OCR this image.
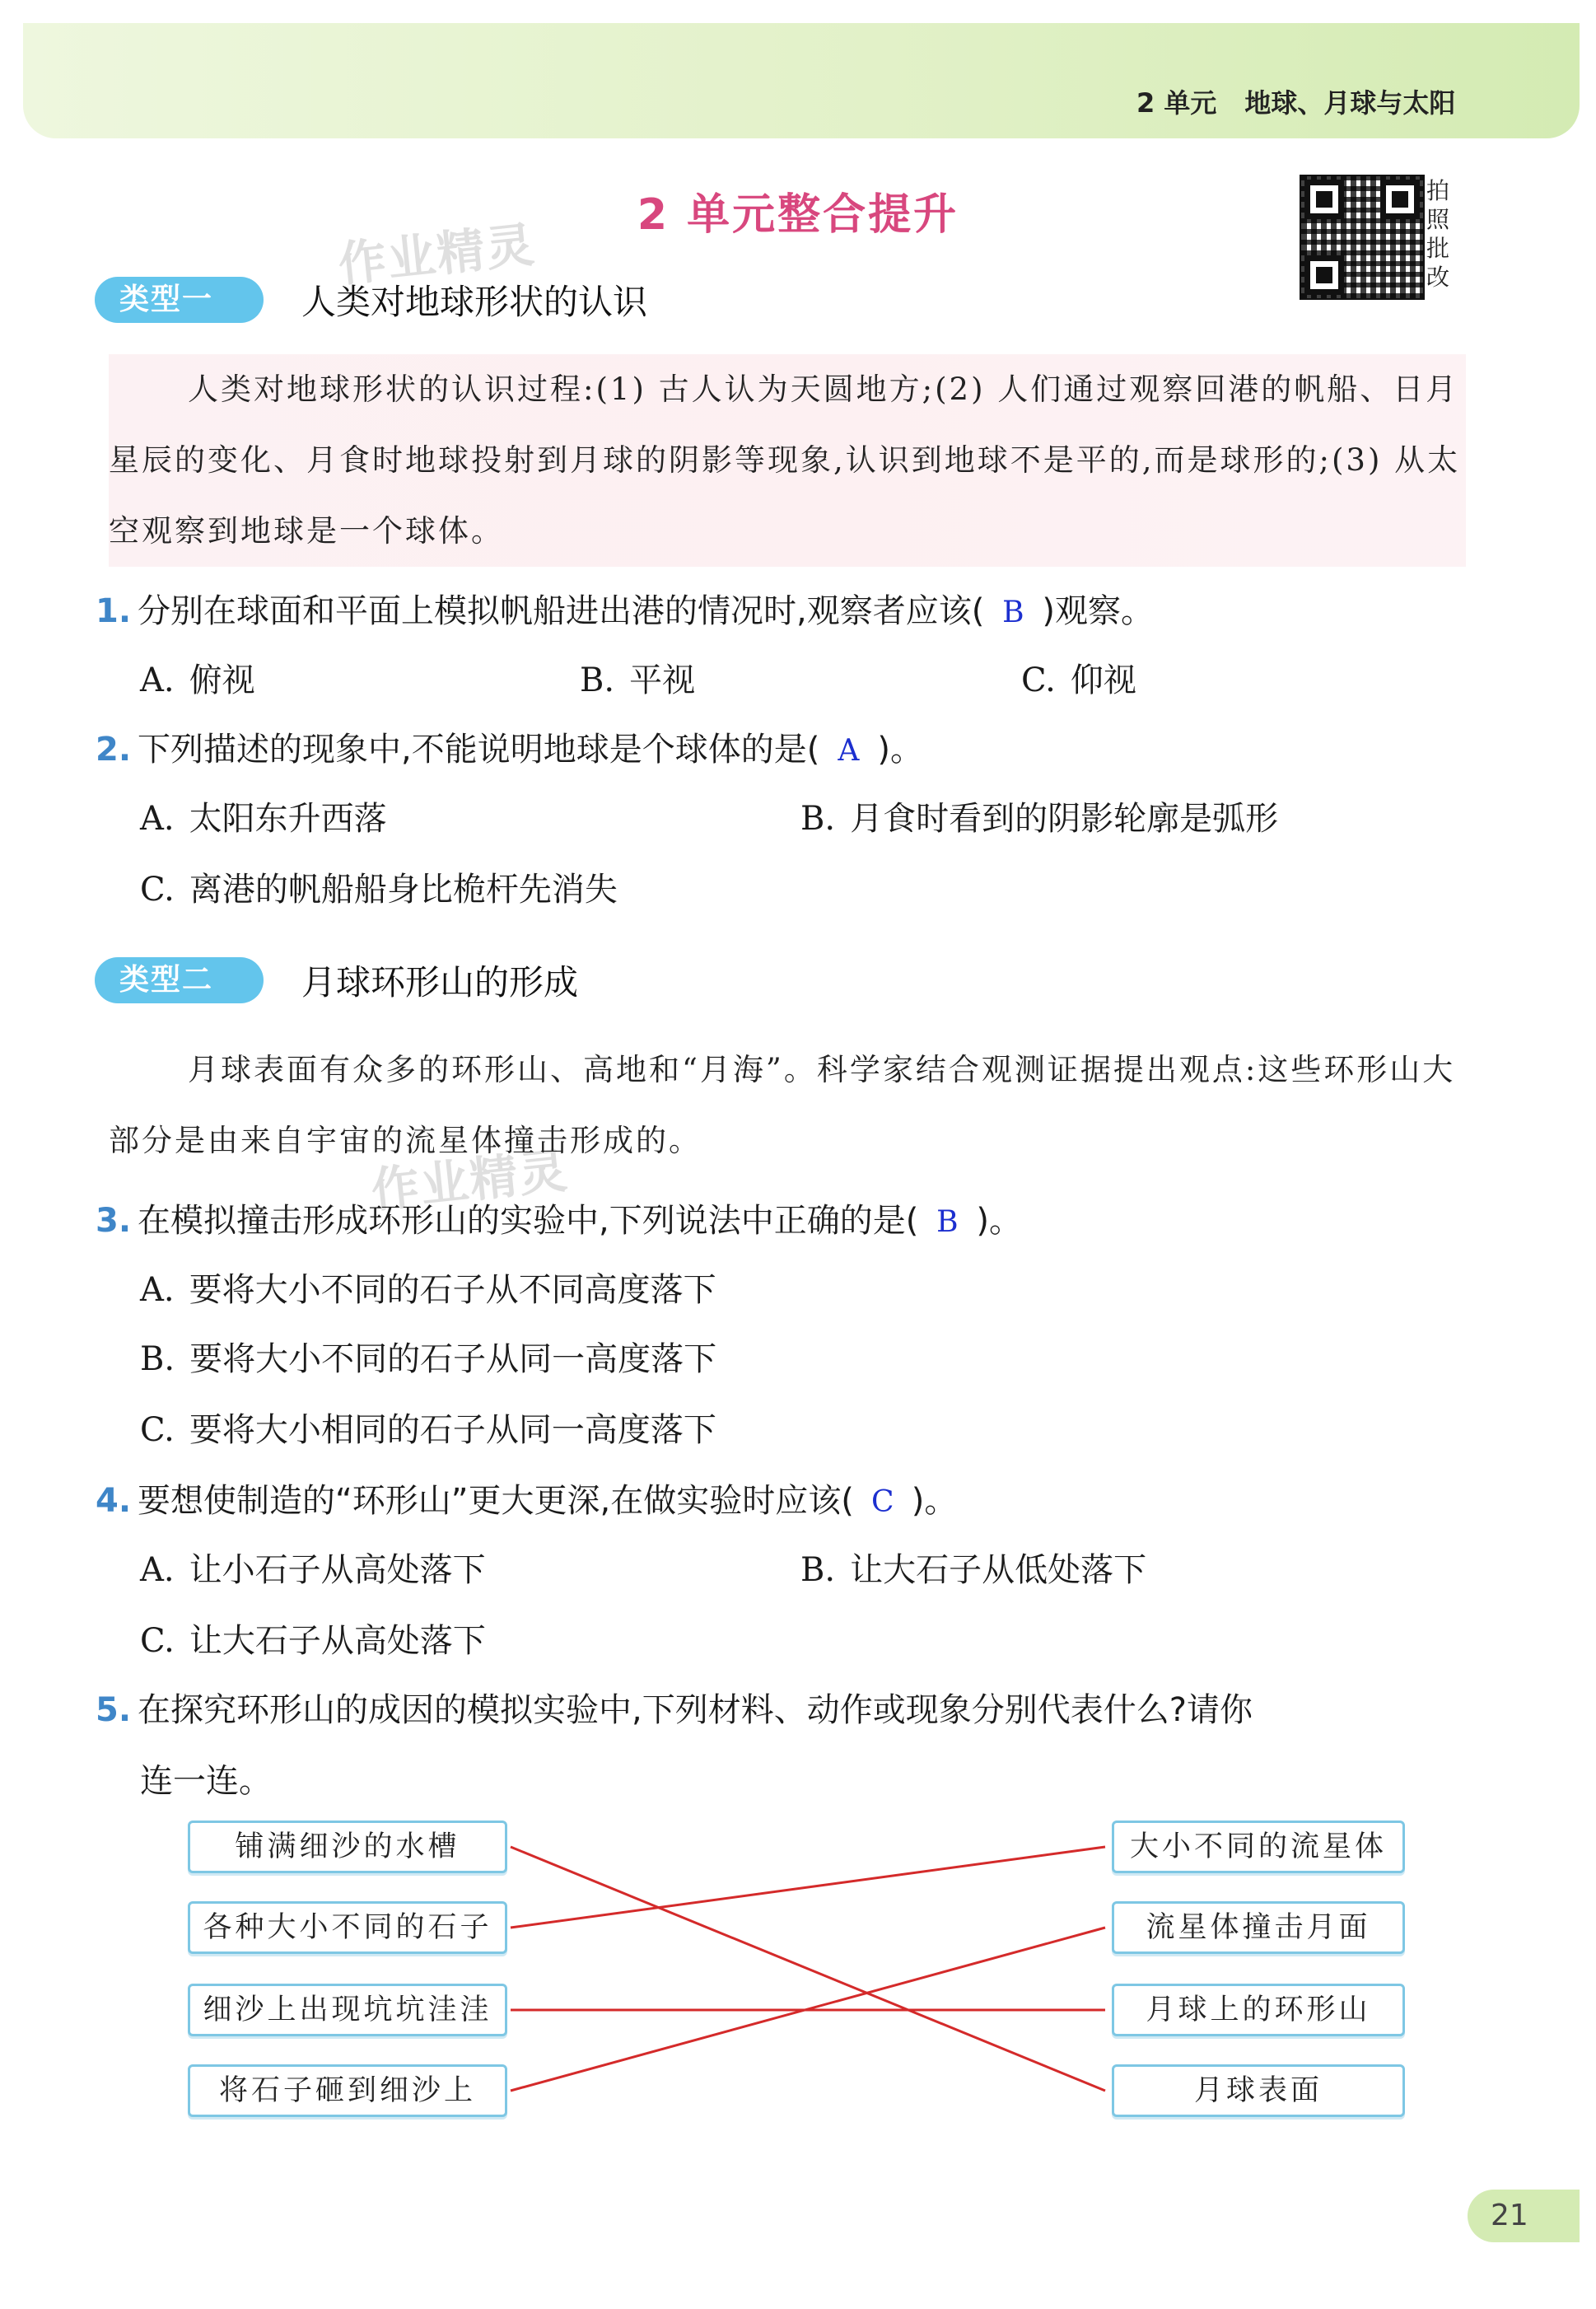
2 单元 地球、月球与太阳
2 单元整合提升	拍照批改
作业精灵
作业精灵
类型一	人类对地球形状的认识
人类对地球形状的认识过程:(1) 古人认为天圆地方;(2) 人们通过观察回港的帆船、日月星辰的变化、月食时地球投射到月球的阴影等现象,认识到地球不是平的,而是球形的;(3) 从太空观察到地球是一个球体。
1. 分别在球面和平面上模拟帆船进出港的情况时,观察者应该( B )观察。
A. 俯视	B. 平视	C. 仰视
2. 下列描述的现象中,不能说明地球是个球体的是( A )。
A. 太阳东升西落	B. 月食时看到的阴影轮廓是弧形
C. 离港的帆船船身比桅杆先消失
类型二	月球环形山的形成
月球表面有众多的环形山、高地和“月海”。科学家结合观测证据提出观点:这些环形山大部分是由来自宇宙的流星体撞击形成的。
3. 在模拟撞击形成环形山的实验中,下列说法中正确的是( B )。
A. 要将大小不同的石子从不同高度落下
B. 要将大小不同的石子从同一高度落下
C. 要将大小相同的石子从同一高度落下
4. 要想使制造的“环形山”更大更深,在做实验时应该( C )。
A. 让小石子从高处落下	B. 让大石子从低处落下
C. 让大石子从高处落下
5. 在探究环形山的成因的模拟实验中,下列材料、动作或现象分别代表什么?请你
连一连。
铺满细沙的水槽
各种大小不同的石子
细沙上出现坑坑洼洼
将石子砸到细沙上
大小不同的流星体
流星体撞击月面
月球上的环形山
月球表面
21
